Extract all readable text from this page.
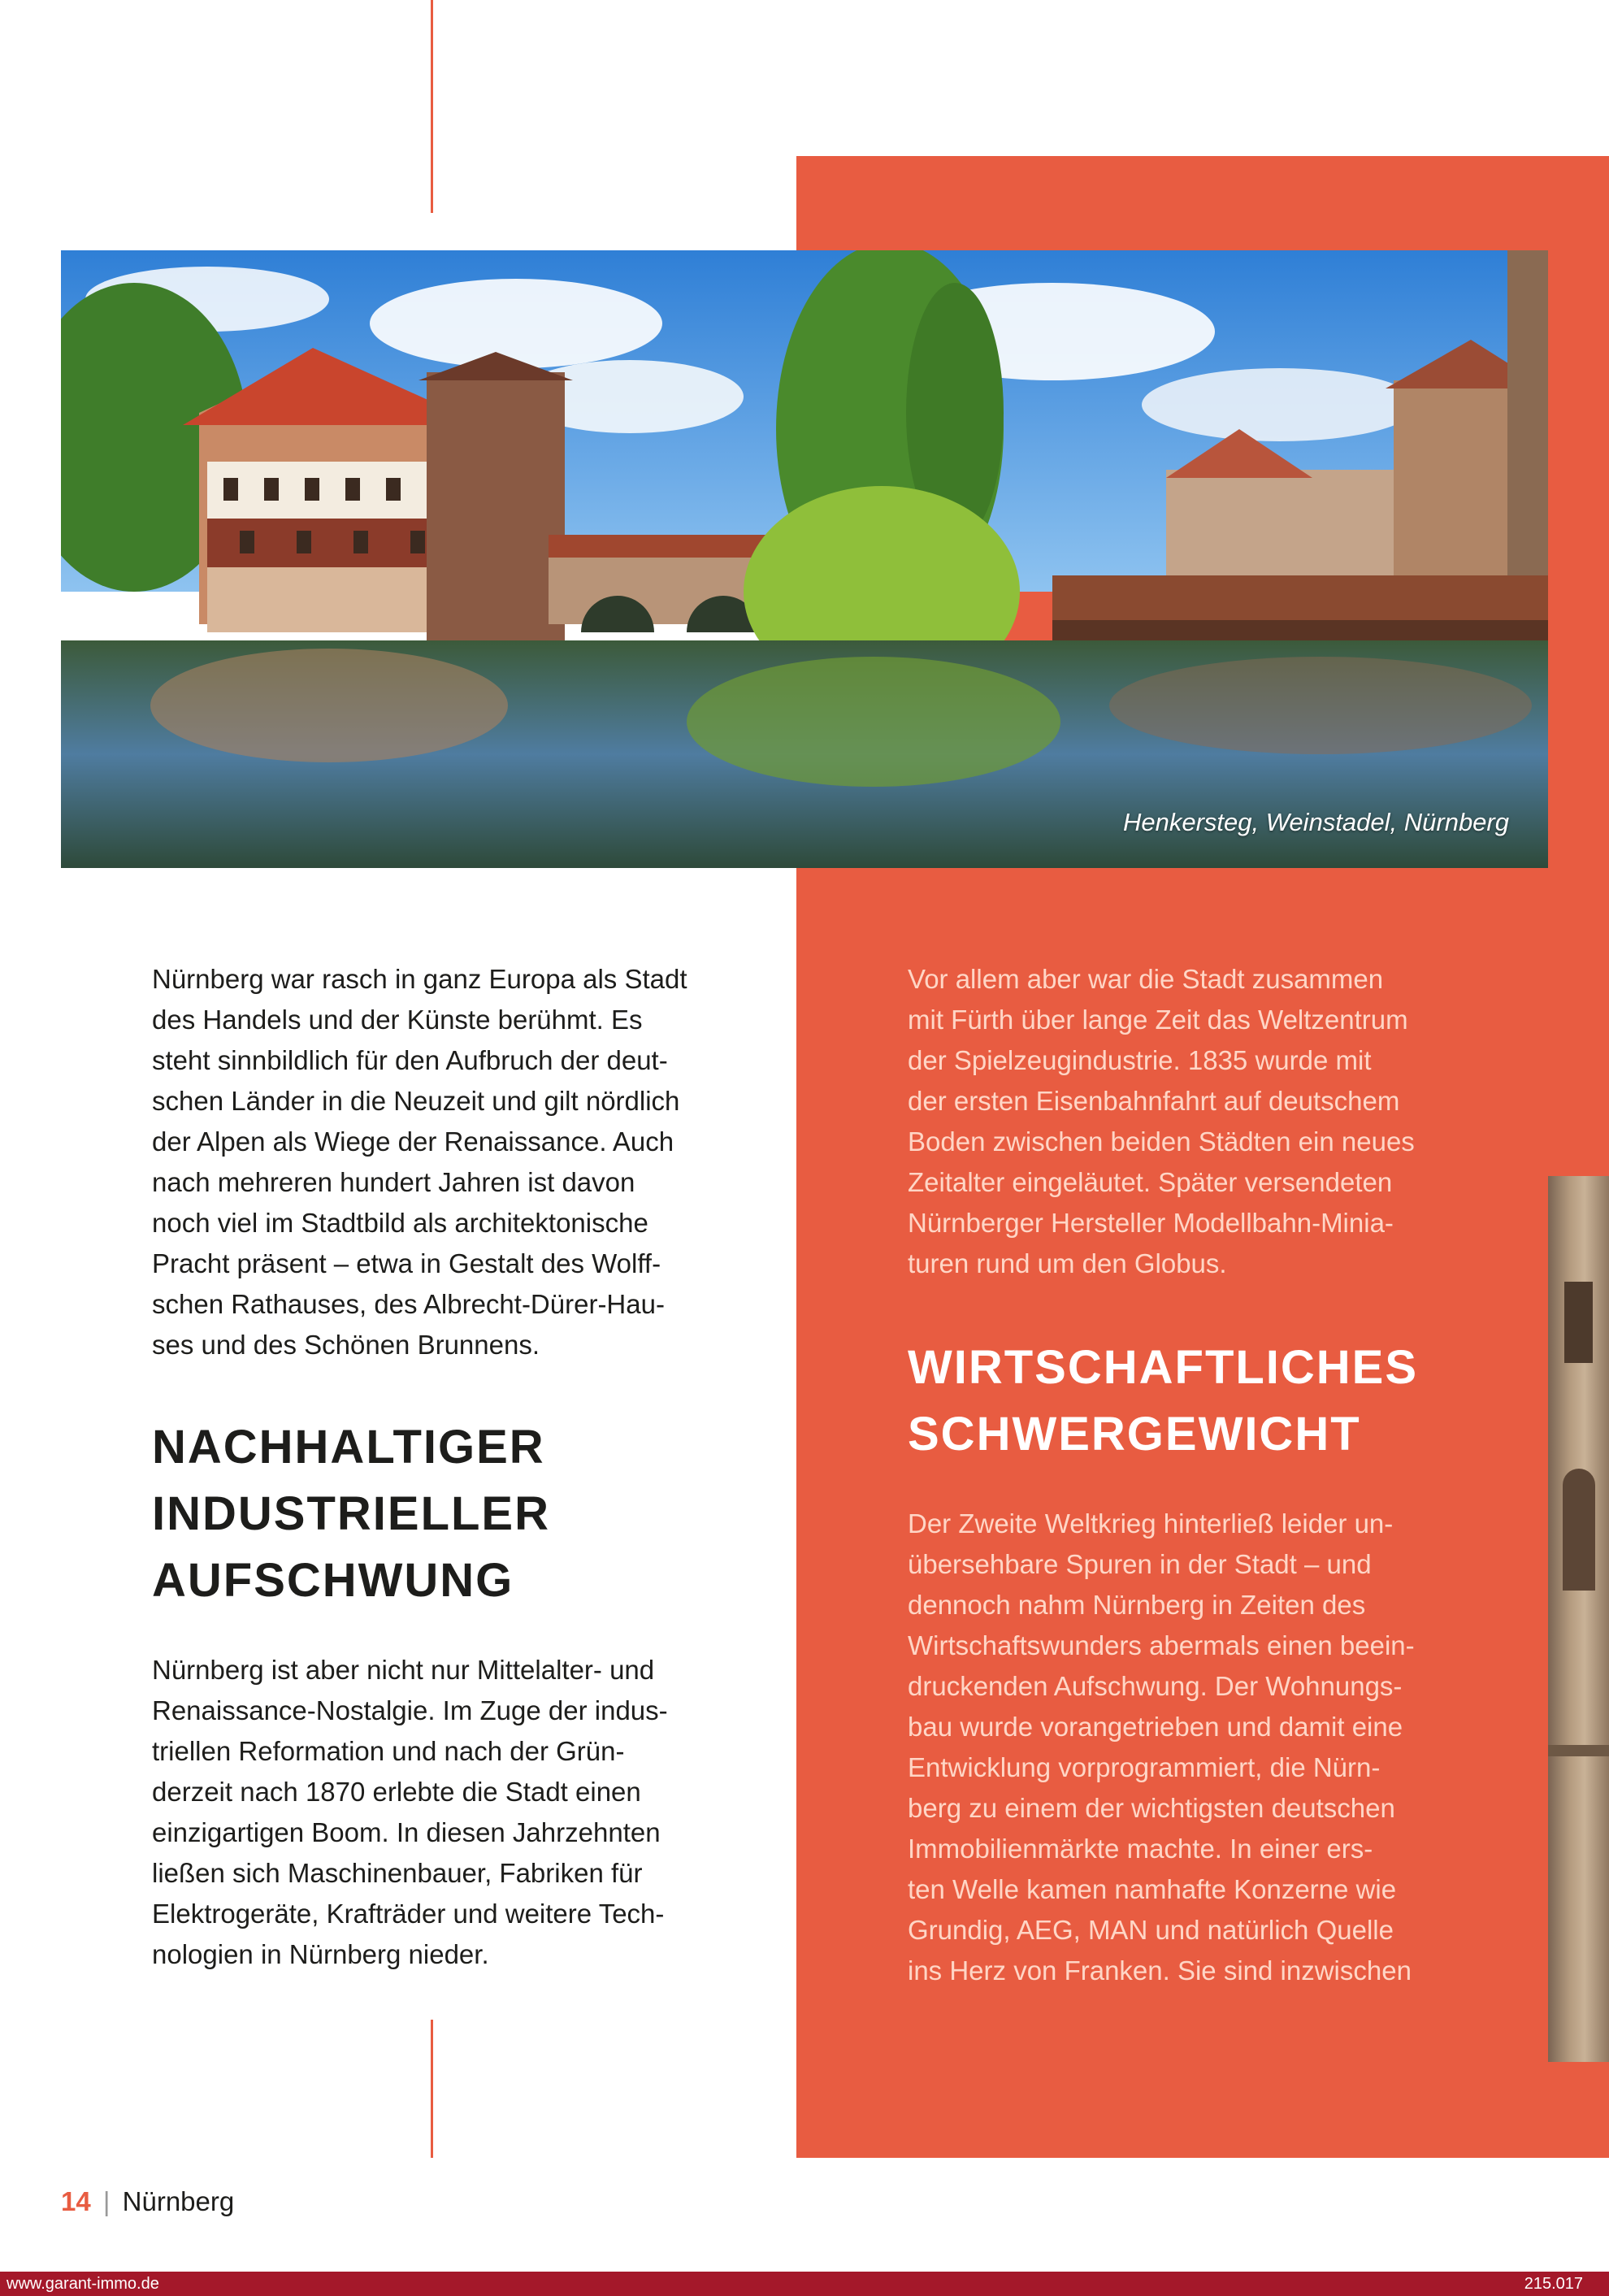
Henkersteg, Weinstadel, Nürnberg

Nürnberg war rasch in ganz Europa als Stadt
des Handels und der Künste berühmt. Es
steht sinnbildlich für den Aufbruch der deut-
schen Länder in die Neuzeit und gilt nördlich
der Alpen als Wiege der Renaissance. Auch
nach mehreren hundert Jahren ist davon
noch viel im Stadtbild als architektonische
Pracht präsent – etwa in Gestalt des Wolff-
schen Rathauses, des Albrecht-Dürer-Hau-
ses und des Schönen Brunnens.

NACHHALTIGER
INDUSTRIELLER
AUFSCHWUNG

Nürnberg ist aber nicht nur Mittelalter- und
Renaissance-Nostalgie. Im Zuge der indus-
triellen Reformation und nach der Grün-
derzeit nach 1870 erlebte die Stadt einen
einzigartigen Boom. In diesen Jahrzehnten
ließen sich Maschinenbauer, Fabriken für
Elektrogeräte, Krafträder und weitere Tech-
nologien in Nürnberg nieder.

Vor allem aber war die Stadt zusammen
mit Fürth über lange Zeit das Weltzentrum
der Spielzeugindustrie. 1835 wurde mit
der ersten Eisenbahnfahrt auf deutschem
Boden zwischen beiden Städten ein neues
Zeitalter eingeläutet. Später versendeten
Nürnberger Hersteller Modellbahn-Minia-
turen rund um den Globus.

WIRTSCHAFTLICHES
SCHWERGEWICHT

Der Zweite Weltkrieg hinterließ leider un-
übersehbare Spuren in der Stadt – und
dennoch nahm Nürnberg in Zeiten des
Wirtschaftswunders abermals einen beein-
druckenden Aufschwung. Der Wohnungs-
bau wurde vorangetrieben und damit eine
Entwicklung vorprogrammiert, die Nürn-
berg zu einem der wichtigsten deutschen
Immobilienmärkte machte. In einer ers-
ten Welle kamen namhafte Konzerne wie
Grundig, AEG, MAN und natürlich Quelle
ins Herz von Franken. Sie sind inzwischen

14 | Nürnberg
www.garant-immo.de	215.017
